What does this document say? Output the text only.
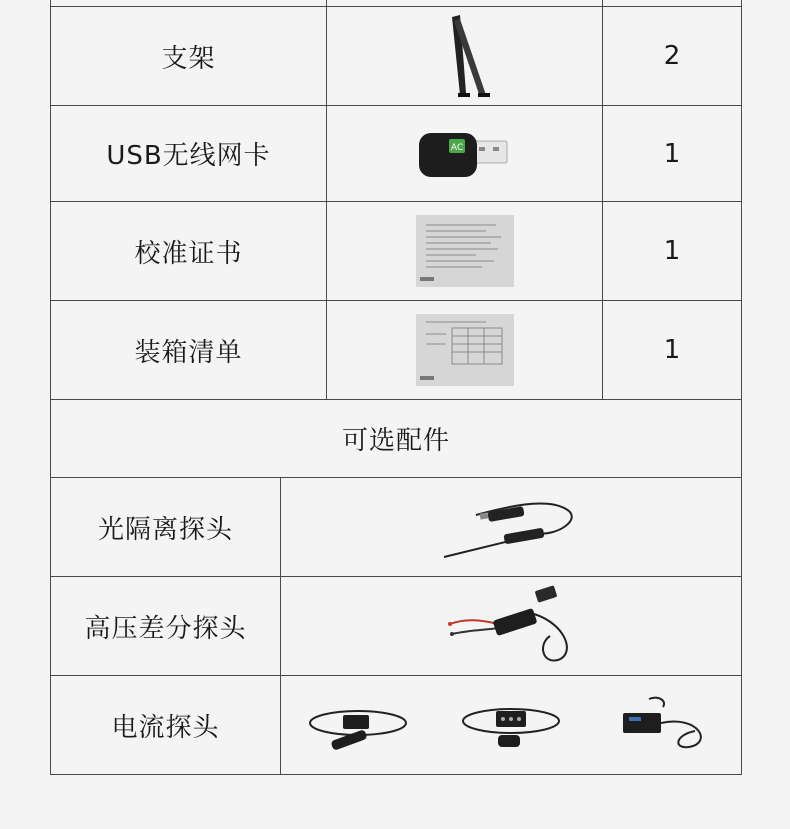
支架	2
USB无线网卡	AC	1
校准证书	1
装箱清单	1
可选配件
光隔离探头
高压差分探头
电流探头
